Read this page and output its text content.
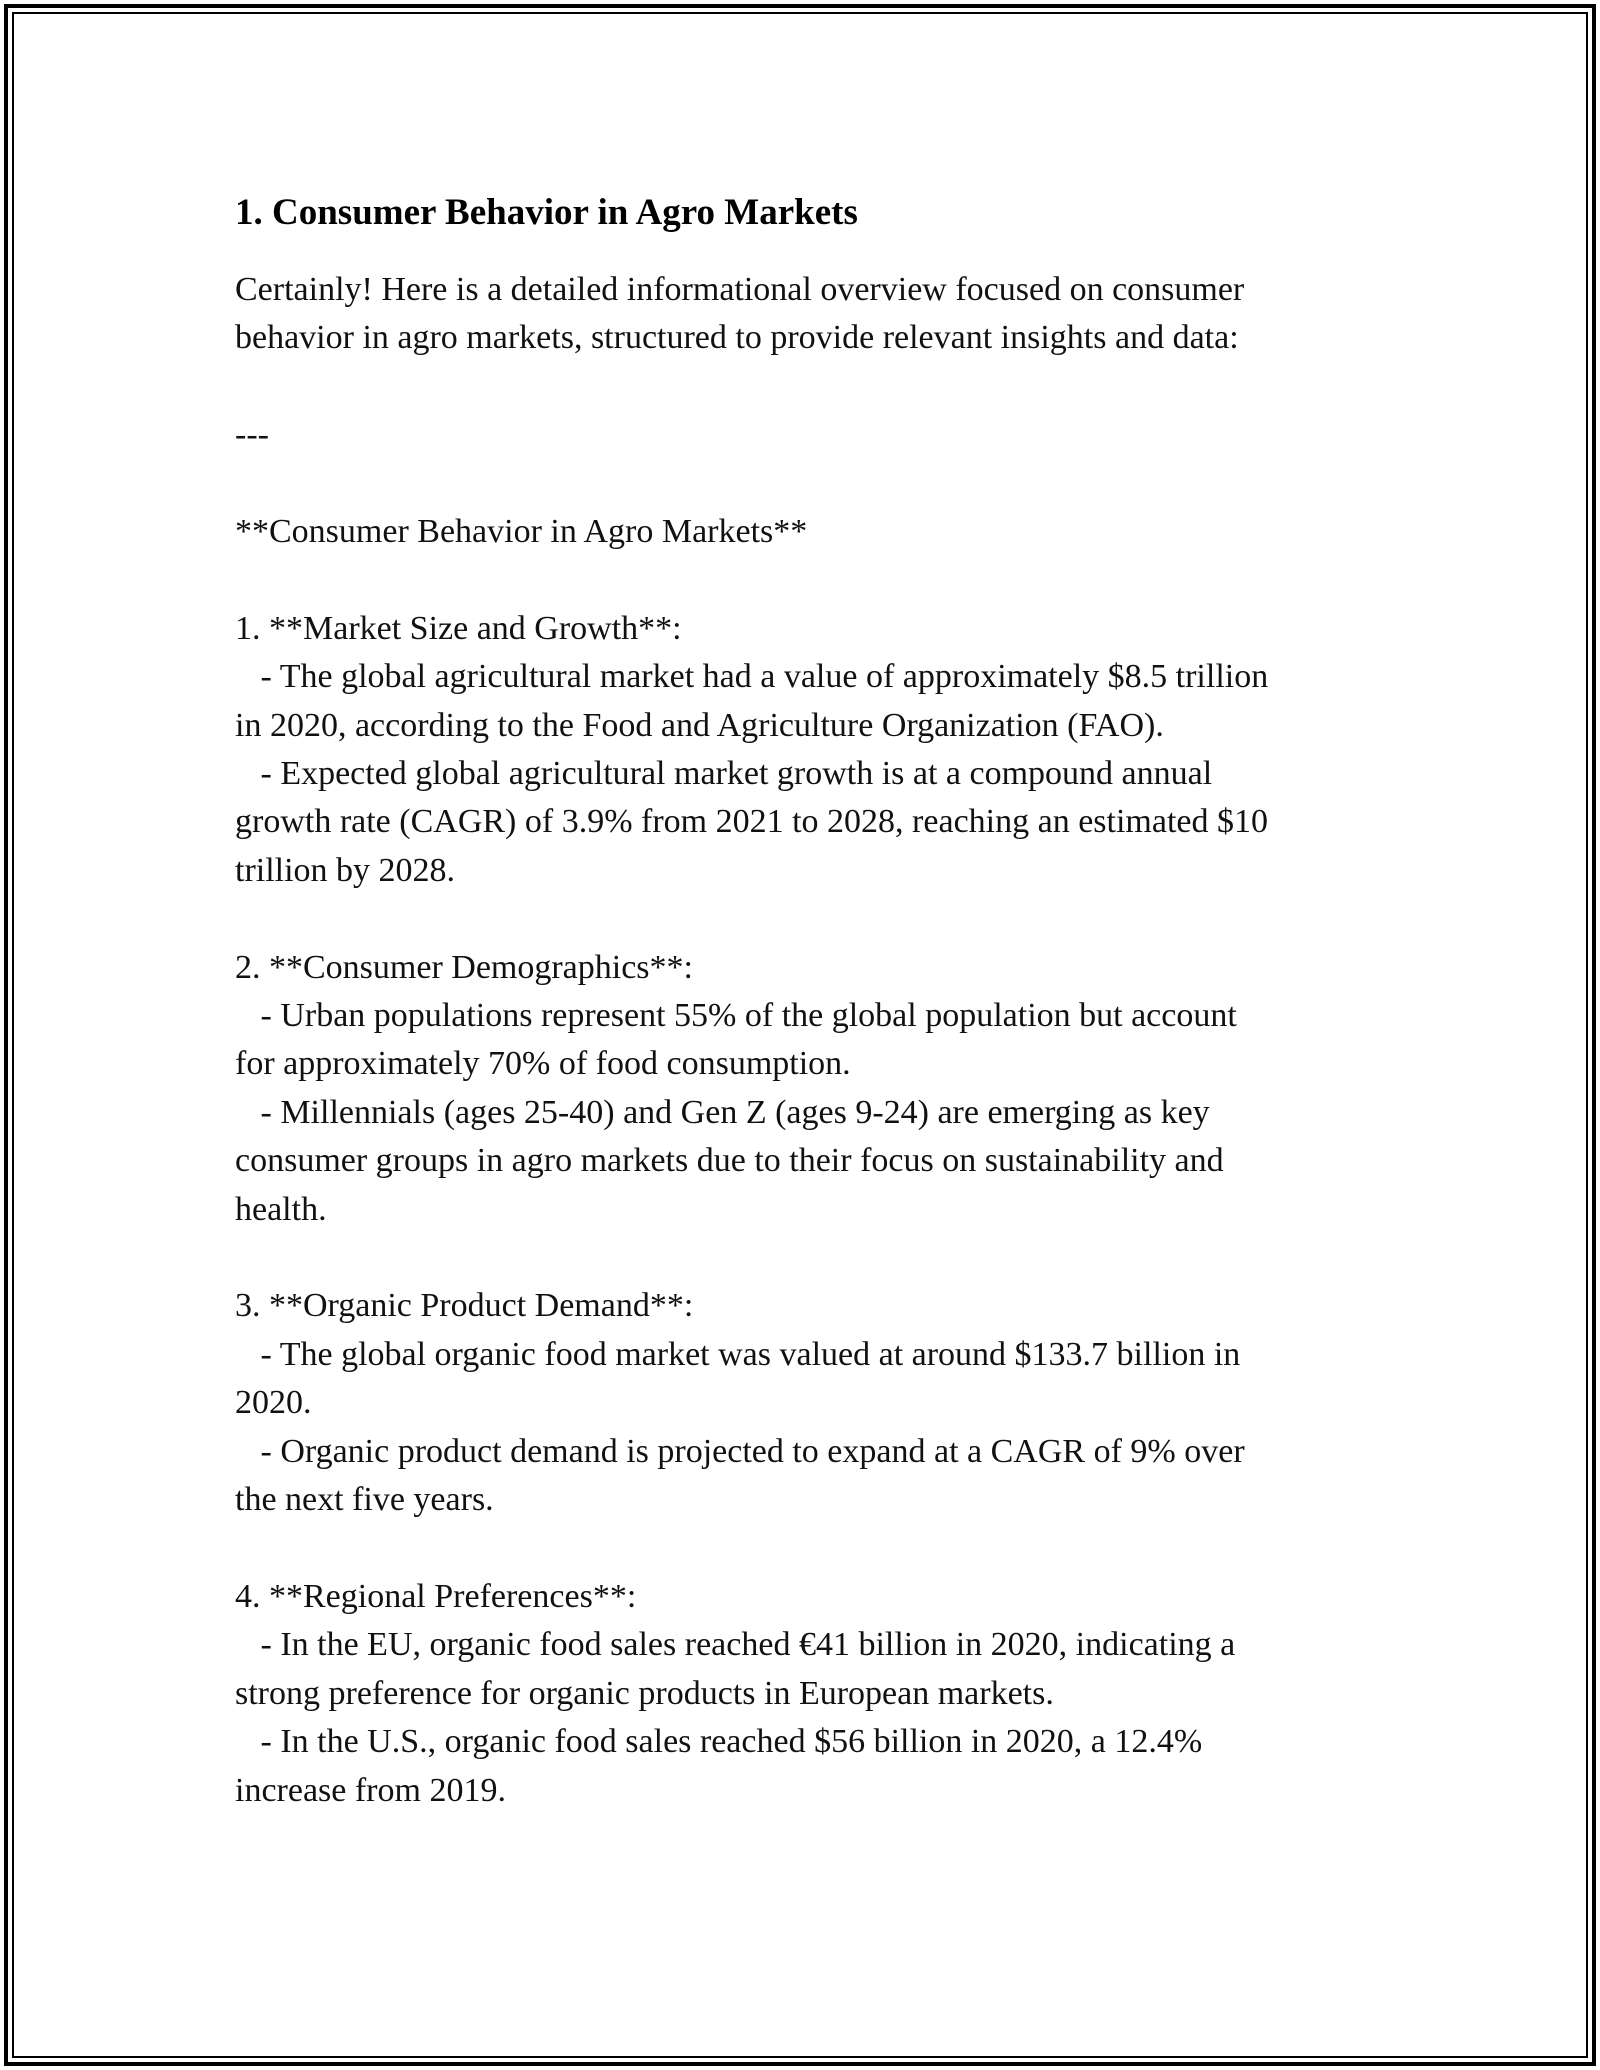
1. Consumer Behavior in Agro Markets
Certainly! Here is a detailed informational overview focused on consumer
behavior in agro markets, structured to provide relevant insights and data:
---
**Consumer Behavior in Agro Markets**
1. **Market Size and Growth**:
- The global agricultural market had a value of approximately $8.5 trillion
in 2020, according to the Food and Agriculture Organization (FAO).
- Expected global agricultural market growth is at a compound annual
growth rate (CAGR) of 3.9% from 2021 to 2028, reaching an estimated $10
trillion by 2028.
2. **Consumer Demographics**:
- Urban populations represent 55% of the global population but account
for approximately 70% of food consumption.
- Millennials (ages 25-40) and Gen Z (ages 9-24) are emerging as key
consumer groups in agro markets due to their focus on sustainability and
health.
3. **Organic Product Demand**:
- The global organic food market was valued at around $133.7 billion in
2020.
- Organic product demand is projected to expand at a CAGR of 9% over
the next five years.
4. **Regional Preferences**:
- In the EU, organic food sales reached €41 billion in 2020, indicating a
strong preference for organic products in European markets.
- In the U.S., organic food sales reached $56 billion in 2020, a 12.4%
increase from 2019.
